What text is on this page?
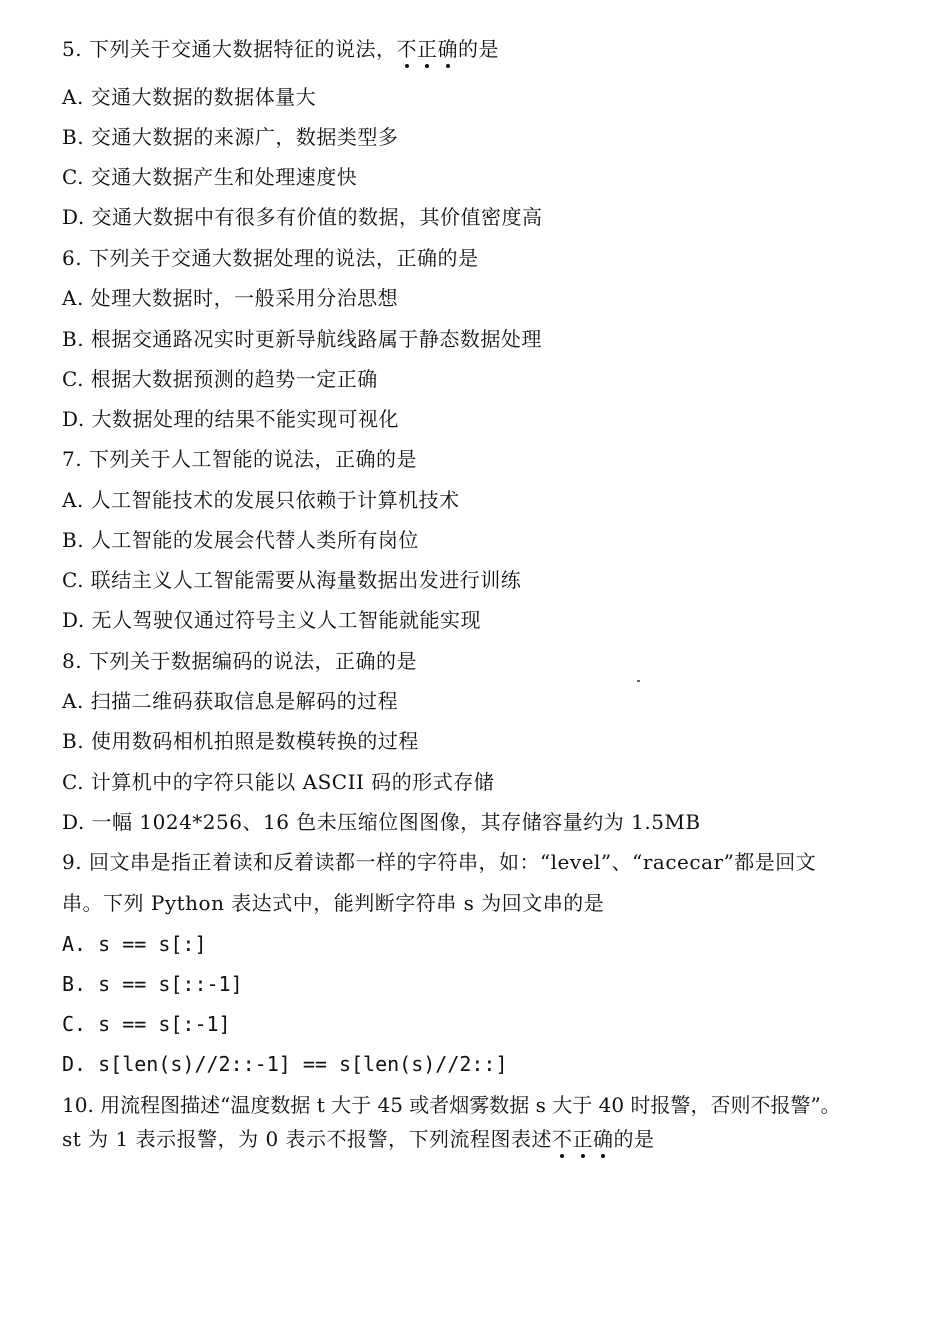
5. 下列关于交通大数据特征的说法，不正确的是
A. 交通大数据的数据体量大
B. 交通大数据的来源广，数据类型多
C. 交通大数据产生和处理速度快
D. 交通大数据中有很多有价值的数据，其价值密度高
6. 下列关于交通大数据处理的说法，正确的是
A. 处理大数据时，一般采用分治思想
B. 根据交通路况实时更新导航线路属于静态数据处理
C. 根据大数据预测的趋势一定正确
D. 大数据处理的结果不能实现可视化
7. 下列关于人工智能的说法，正确的是
A. 人工智能技术的发展只依赖于计算机技术
B. 人工智能的发展会代替人类所有岗位
C. 联结主义人工智能需要从海量数据出发进行训练
D. 无人驾驶仅通过符号主义人工智能就能实现
8. 下列关于数据编码的说法，正确的是
A. 扫描二维码获取信息是解码的过程
B. 使用数码相机拍照是数模转换的过程
C. 计算机中的字符只能以 ASCII 码的形式存储
D. 一幅 1024*256、16 色未压缩位图图像，其存储容量约为 1.5MB
9. 回文串是指正着读和反着读都一样的字符串，如：“level”、“racecar”都是回文
串。下列 Python 表达式中，能判断字符串 s 为回文串的是
A. s == s[:]
B. s == s[::-1]
C. s == s[:-1]
D. s[len(s)//2::-1] == s[len(s)//2::]
10. 用流程图描述“温度数据 t 大于 45 或者烟雾数据 s 大于 40 时报警，否则不报警”。
st 为 1 表示报警，为 0 表示不报警，下列流程图表述不正确的是
